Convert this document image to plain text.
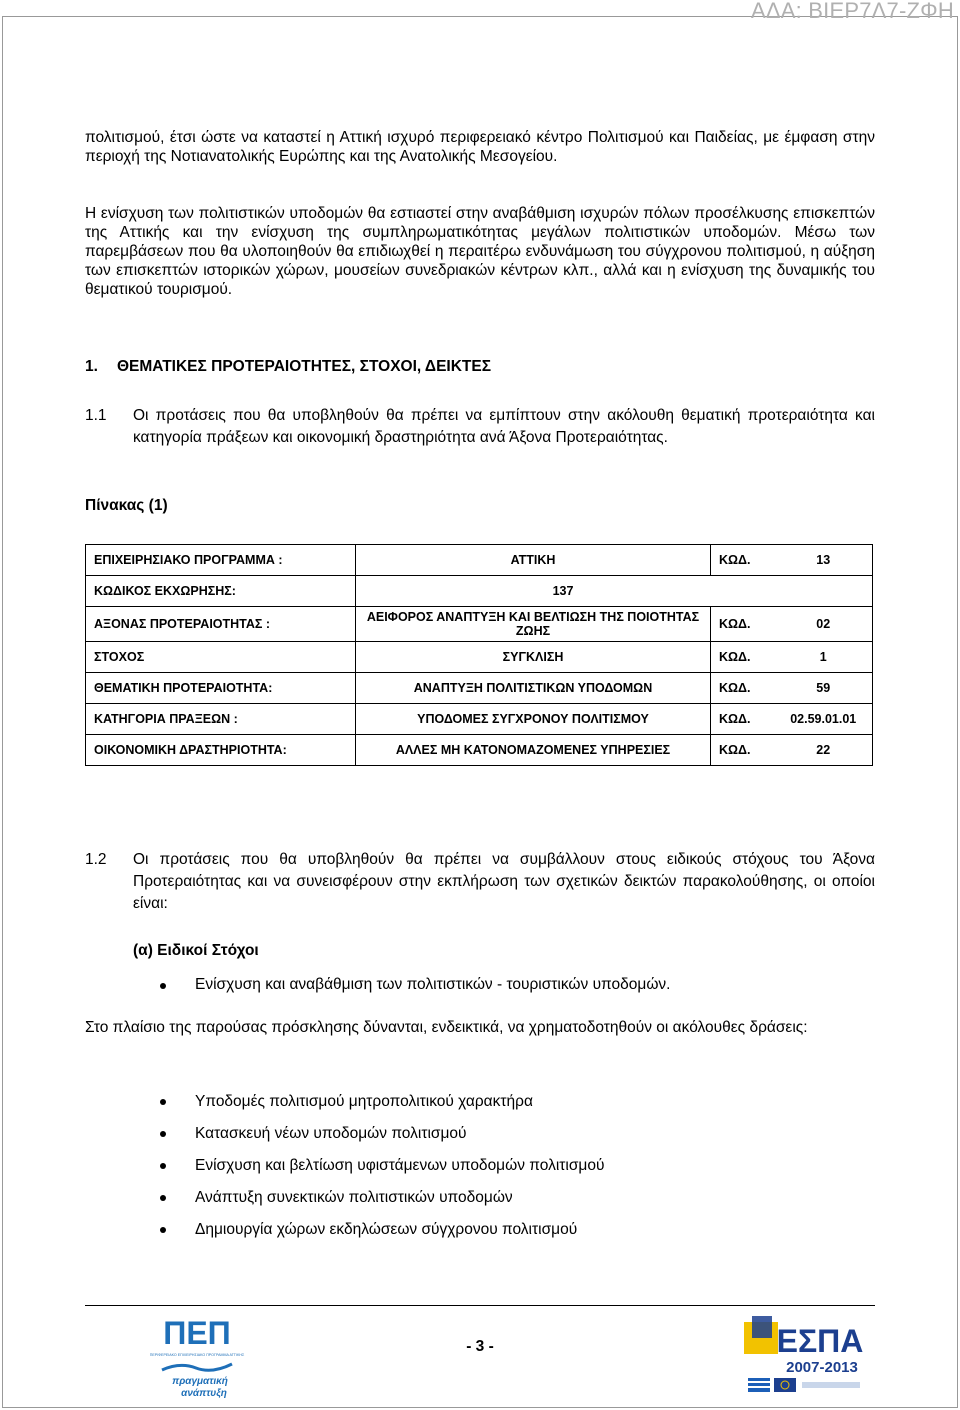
ΑΔΑ: ΒΙΕΡ7Λ7-ΖΦΗ

πολιτισμού, έτσι ώστε να καταστεί η Αττική ισχυρό περιφερειακό κέντρο Πολιτισμού και Παιδείας, με έμφαση στην περιοχή της Νοτιανατολικής Ευρώπης και της Ανατολικής Μεσογείου.

Η ενίσχυση των πολιτιστικών υποδομών θα εστιαστεί στην αναβάθμιση ισχυρών πόλων προσέλκυσης επισκεπτών της Αττικής και την ενίσχυση της συμπληρωματικότητας μεγάλων πολιτιστικών υποδομών. Μέσω των παρεμβάσεων που θα υλοποιηθούν θα επιδιωχθεί η περαιτέρω ενδυνάμωση του σύγχρονου πολιτισμού, η αύξηση των επισκεπτών ιστορικών χώρων, μουσείων συνεδριακών κέντρων κλπ., αλλά και η ενίσχυση της δυναμικής του θεματικού τουρισμού.

1. ΘΕΜΑΤΙΚΕΣ ΠΡΟΤΕΡΑΙΟΤΗΤΕΣ, ΣΤΟΧΟΙ, ΔΕΙΚΤΕΣ
1.1 Οι προτάσεις που θα υποβληθούν θα πρέπει να εμπίπτουν στην ακόλουθη θεματική προτεραιότητα και κατηγορία πράξεων και οικονομική δραστηριότητα ανά Άξονα Προτεραιότητας.

Πίνακας (1)
ΕΠΙΧΕΙΡΗΣΙΑΚΟ ΠΡΟΓΡΑΜΜΑ :	ΑΤΤΙΚΗ	ΚΩΔ.	13
ΚΩΔΙΚΟΣ ΕΚΧΩΡΗΣΗΣ:	137		
ΑΞΟΝΑΣ ΠΡΟΤΕΡΑΙΟΤΗΤΑΣ :	ΑΕΙΦΟΡΟΣ ΑΝΑΠΤΥΞΗ ΚΑΙ ΒΕΛΤΙΩΣΗ ΤΗΣ ΠΟΙΟΤΗΤΑΣ ΖΩΗΣ	ΚΩΔ.	02
ΣΤΟΧΟΣ	ΣΥΓΚΛΙΣΗ	ΚΩΔ.	1
ΘΕΜΑΤΙΚΗ ΠΡΟΤΕΡΑΙΟΤΗΤΑ:	ΑΝΑΠΤΥΞΗ ΠΟΛΙΤΙΣΤΙΚΩΝ ΥΠΟΔΟΜΩΝ	ΚΩΔ.	59
ΚΑΤΗΓΟΡΙΑ ΠΡΑΞΕΩΝ :	ΥΠΟΔΟΜΕΣ ΣΥΓΧΡΟΝΟΥ ΠΟΛΙΤΙΣΜΟΥ	ΚΩΔ.	02.59.01.01
ΟΙΚΟΝΟΜΙΚΗ ΔΡΑΣΤΗΡΙΟΤΗΤΑ:	ΑΛΛΕΣ ΜΗ ΚΑΤΟΝΟΜΑΖΟΜΕΝΕΣ ΥΠΗΡΕΣΙΕΣ	ΚΩΔ.	22
1.2 Οι προτάσεις που θα υποβληθούν θα πρέπει να συμβάλλουν στους ειδικούς στόχους του Άξονα Προτεραιότητας και να συνεισφέρουν στην εκπλήρωση των σχετικών δεικτών παρακολούθησης, οι οποίοι είναι:

(α) Ειδικοί Στόχοι
Ενίσχυση και αναβάθμιση των πολιτιστικών - τουριστικών υποδομών.

Στο πλαίσιο της παρούσας πρόσκλησης δύνανται, ενδεικτικά, να χρηματοδοτηθούν οι ακόλουθες δράσεις:

Υποδομές πολιτισμού μητροπολιτικού χαρακτήρα
Κατασκευή νέων υποδομών πολιτισμού
Ενίσχυση και βελτίωση υφιστάμενων υποδομών πολιτισμού
Ανάπτυξη συνεκτικών πολιτιστικών υποδομών
Δημιουργία χώρων εκδηλώσεων σύγχρονου πολιτισμού
- 3 -
ΠΕΠ
ΠΕΡΙΦΕΡΕΙΑΚΟ ΕΠΙΧΕΙΡΗΣΙΑΚΟ ΠΡΟΓΡΑΜΜΑ ΑΤΤΙΚΗΣ
πραγματική
ανάπτυξη
ΕΣΠΑ
2007-2013
